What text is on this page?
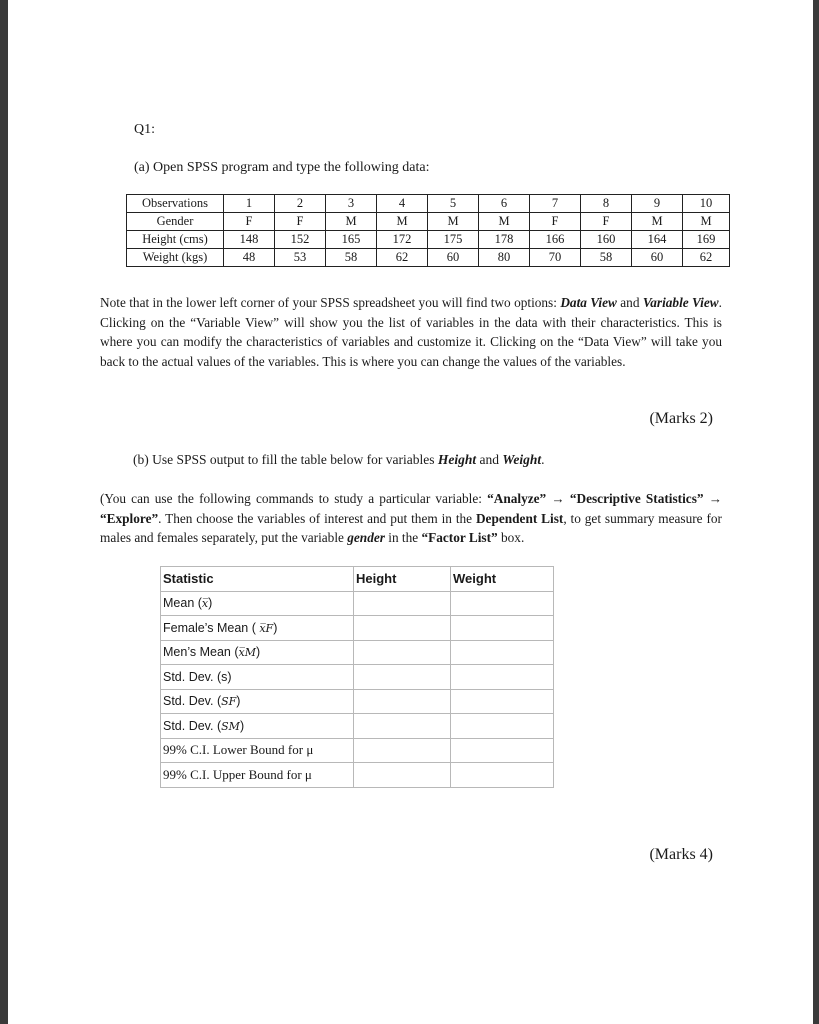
Q1:
(a) Open SPSS program and type the following data:
Observations	1	2	3	4	5	6	7	8	9	10
Gender	F	F	M	M	M	M	F	F	M	M
Height (cms)	148	152	165	172	175	178	166	160	164	169
Weight (kgs)	48	53	58	62	60	80	70	58	60	62
Note that in the lower left corner of your SPSS spreadsheet you will find two options: Data View and Variable View. Clicking on the “Variable View” will show you the list of variables in the data with their characteristics. This is where you can modify the characteristics of variables and customize it. Clicking on the “Data View” will take you back to the actual values of the variables. This is where you can change the values of the variables.
(Marks 2)
(b) Use SPSS output to fill the table below for variables Height and Weight.
(You can use the following commands to study a particular variable: “Analyze” → “Descriptive Statistics” → “Explore”. Then choose the variables of interest and put them in the Dependent List, to get summary measure for males and females separately, put the variable gender in the “Factor List” box.
Statistic	Height	Weight
Mean (x̅)		
Female’s Mean ( x̅F)		
Men’s Mean (x̅M)		
Std. Dev. (s)		
Std. Dev. (SF)		
Std. Dev. (SM)		
99% C.I. Lower Bound for μ		
99% C.I. Upper Bound for μ		
(Marks 4)
